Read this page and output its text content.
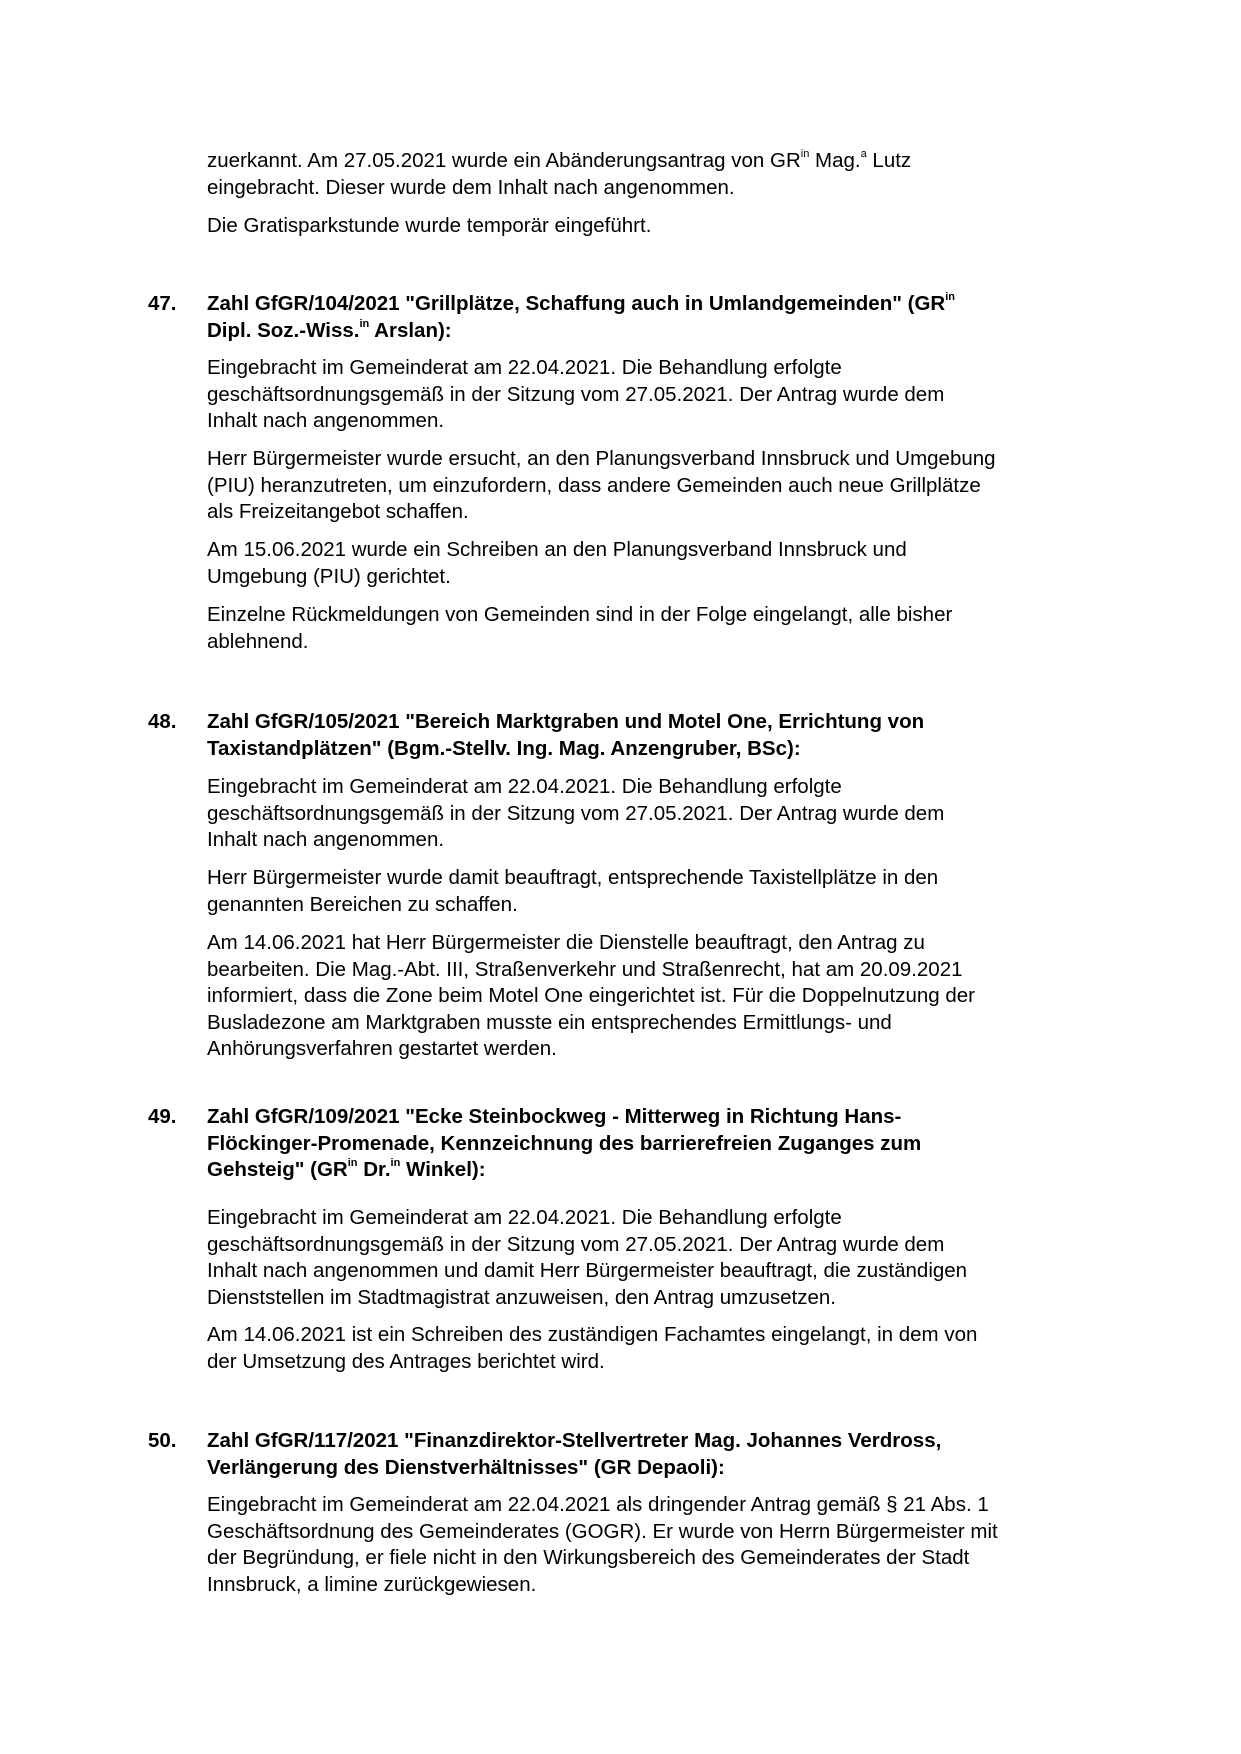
zuerkannt. Am 27.05.2021 wurde ein Abänderungsantrag von $GR^{in}$ Mag.$^a$ Lutz
eingebracht. Dieser wurde dem Inhalt nach angenommen.

Die Gratisparkstunde wurde temporär eingeführt.

47. Zahl GfGR/104/2021 "Grillplätze, Schaffung auch in Umlandgemeinden" ($GR^{in}$
Dipl. Soz.-Wiss.$^{in}$ Arslan):

Eingebracht im Gemeinderat am 22.04.2021. Die Behandlung erfolgte
geschäftsordnungsgemäß in der Sitzung vom 27.05.2021. Der Antrag wurde dem
Inhalt nach angenommen.

Herr Bürgermeister wurde ersucht, an den Planungsverband Innsbruck und Umgebung
(PIU) heranzutreten, um einzufordern, dass andere Gemeinden auch neue Grillplätze
als Freizeitangebot schaffen.

Am 15.06.2021 wurde ein Schreiben an den Planungsverband Innsbruck und
Umgebung (PIU) gerichtet.

Einzelne Rückmeldungen von Gemeinden sind in der Folge eingelangt, alle bisher
ablehnend.

48. Zahl GfGR/105/2021 "Bereich Marktgraben und Motel One, Errichtung von
Taxistandplätzen" (Bgm.-Stellv. Ing. Mag. Anzengruber, BSc):

Eingebracht im Gemeinderat am 22.04.2021. Die Behandlung erfolgte
geschäftsordnungsgemäß in der Sitzung vom 27.05.2021. Der Antrag wurde dem
Inhalt nach angenommen.

Herr Bürgermeister wurde damit beauftragt, entsprechende Taxistellplätze in den
genannten Bereichen zu schaffen.

Am 14.06.2021 hat Herr Bürgermeister die Dienstelle beauftragt, den Antrag zu
bearbeiten. Die Mag.-Abt. III, Straßenverkehr und Straßenrecht, hat am 20.09.2021
informiert, dass die Zone beim Motel One eingerichtet ist. Für die Doppelnutzung der
Busladezone am Marktgraben musste ein entsprechendes Ermittlungs- und
Anhörungsverfahren gestartet werden.

49. Zahl GfGR/109/2021 "Ecke Steinbockweg - Mitterweg in Richtung Hans-
Flöckinger-Promenade, Kennzeichnung des barrierefreien Zuganges zum
Gehsteig" ($GR^{in}$ Dr.$^{in}$ Winkel):

Eingebracht im Gemeinderat am 22.04.2021. Die Behandlung erfolgte
geschäftsordnungsgemäß in der Sitzung vom 27.05.2021. Der Antrag wurde dem
Inhalt nach angenommen und damit Herr Bürgermeister beauftragt, die zuständigen
Dienststellen im Stadtmagistrat anzuweisen, den Antrag umzusetzen.

Am 14.06.2021 ist ein Schreiben des zuständigen Fachamtes eingelangt, in dem von
der Umsetzung des Antrages berichtet wird.

50. Zahl GfGR/117/2021 "Finanzdirektor-Stellvertreter Mag. Johannes Verdross,
Verlängerung des Dienstverhältnisses" (GR Depaoli):

Eingebracht im Gemeinderat am 22.04.2021 als dringender Antrag gemäß § 21 Abs. 1
Geschäftsordnung des Gemeinderates (GOGR). Er wurde von Herrn Bürgermeister mit
der Begründung, er fiele nicht in den Wirkungsbereich des Gemeinderates der Stadt
Innsbruck, a limine zurückgewiesen.
